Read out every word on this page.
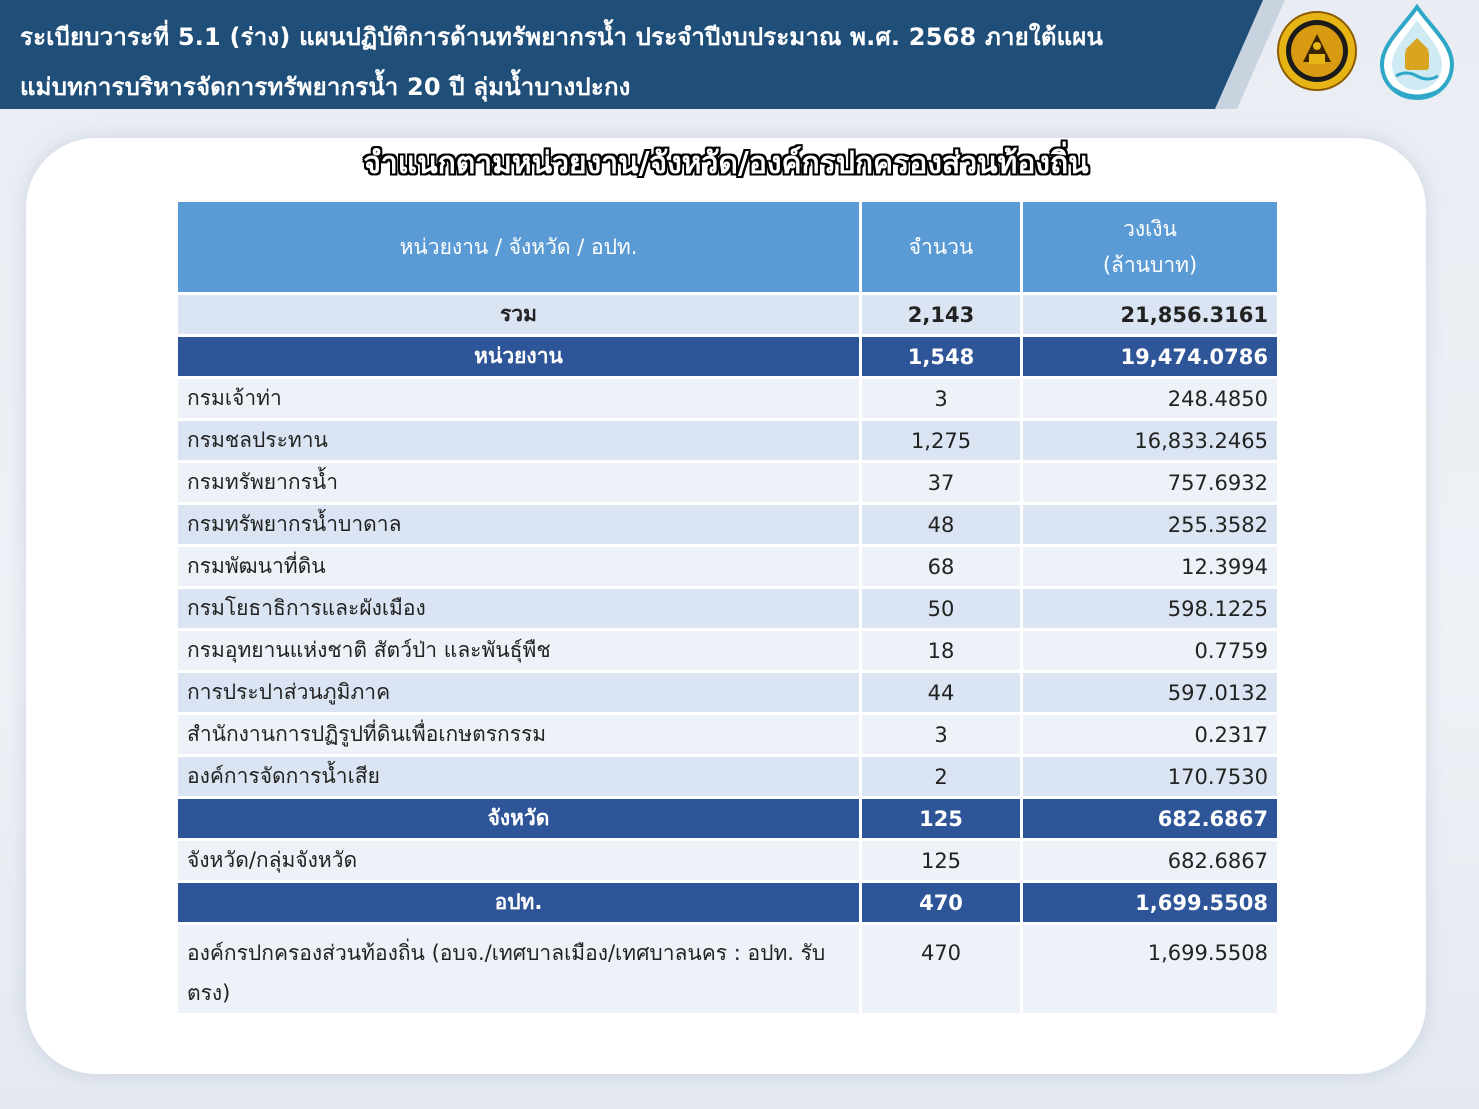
ระเบียบวาระที่ 5.1 (ร่าง) แผนปฏิบัติการด้านทรัพยากรน้ำ ประจำปีงบประมาณ พ.ศ. 2568 ภายใต้แผน
แม่บทการบริหารจัดการทรัพยากรน้ำ 20 ปี ลุ่มน้ำบางปะกง
จำแนกตามหน่วยงาน/จังหวัด/องค์กรปกครองส่วนท้องถิ่น
หน่วยงาน / จังหวัด / อปท.	จำนวน	วงเงิน
(ล้านบาท)

รวม	2,143	21,856.3161
หน่วยงาน	1,548	19,474.0786
กรมเจ้าท่า	3	248.4850
กรมชลประทาน	1,275	16,833.2465
กรมทรัพยากรน้ำ	37	757.6932
กรมทรัพยากรน้ำบาดาล	48	255.3582
กรมพัฒนาที่ดิน	68	12.3994
กรมโยธาธิการและผังเมือง	50	598.1225
กรมอุทยานแห่งชาติ สัตว์ป่า และพันธุ์พืช	18	0.7759
การประปาส่วนภูมิภาค	44	597.0132
สำนักงานการปฏิรูปที่ดินเพื่อเกษตรกรรม	3	0.2317
องค์การจัดการน้ำเสีย	2	170.7530
จังหวัด	125	682.6867
จังหวัด/กลุ่มจังหวัด	125	682.6867
อปท.	470	1,699.5508
องค์กรปกครองส่วนท้องถิ่น (อบจ./เทศบาลเมือง/เทศบาลนคร : อปท. รับตรง)	470	1,699.5508
